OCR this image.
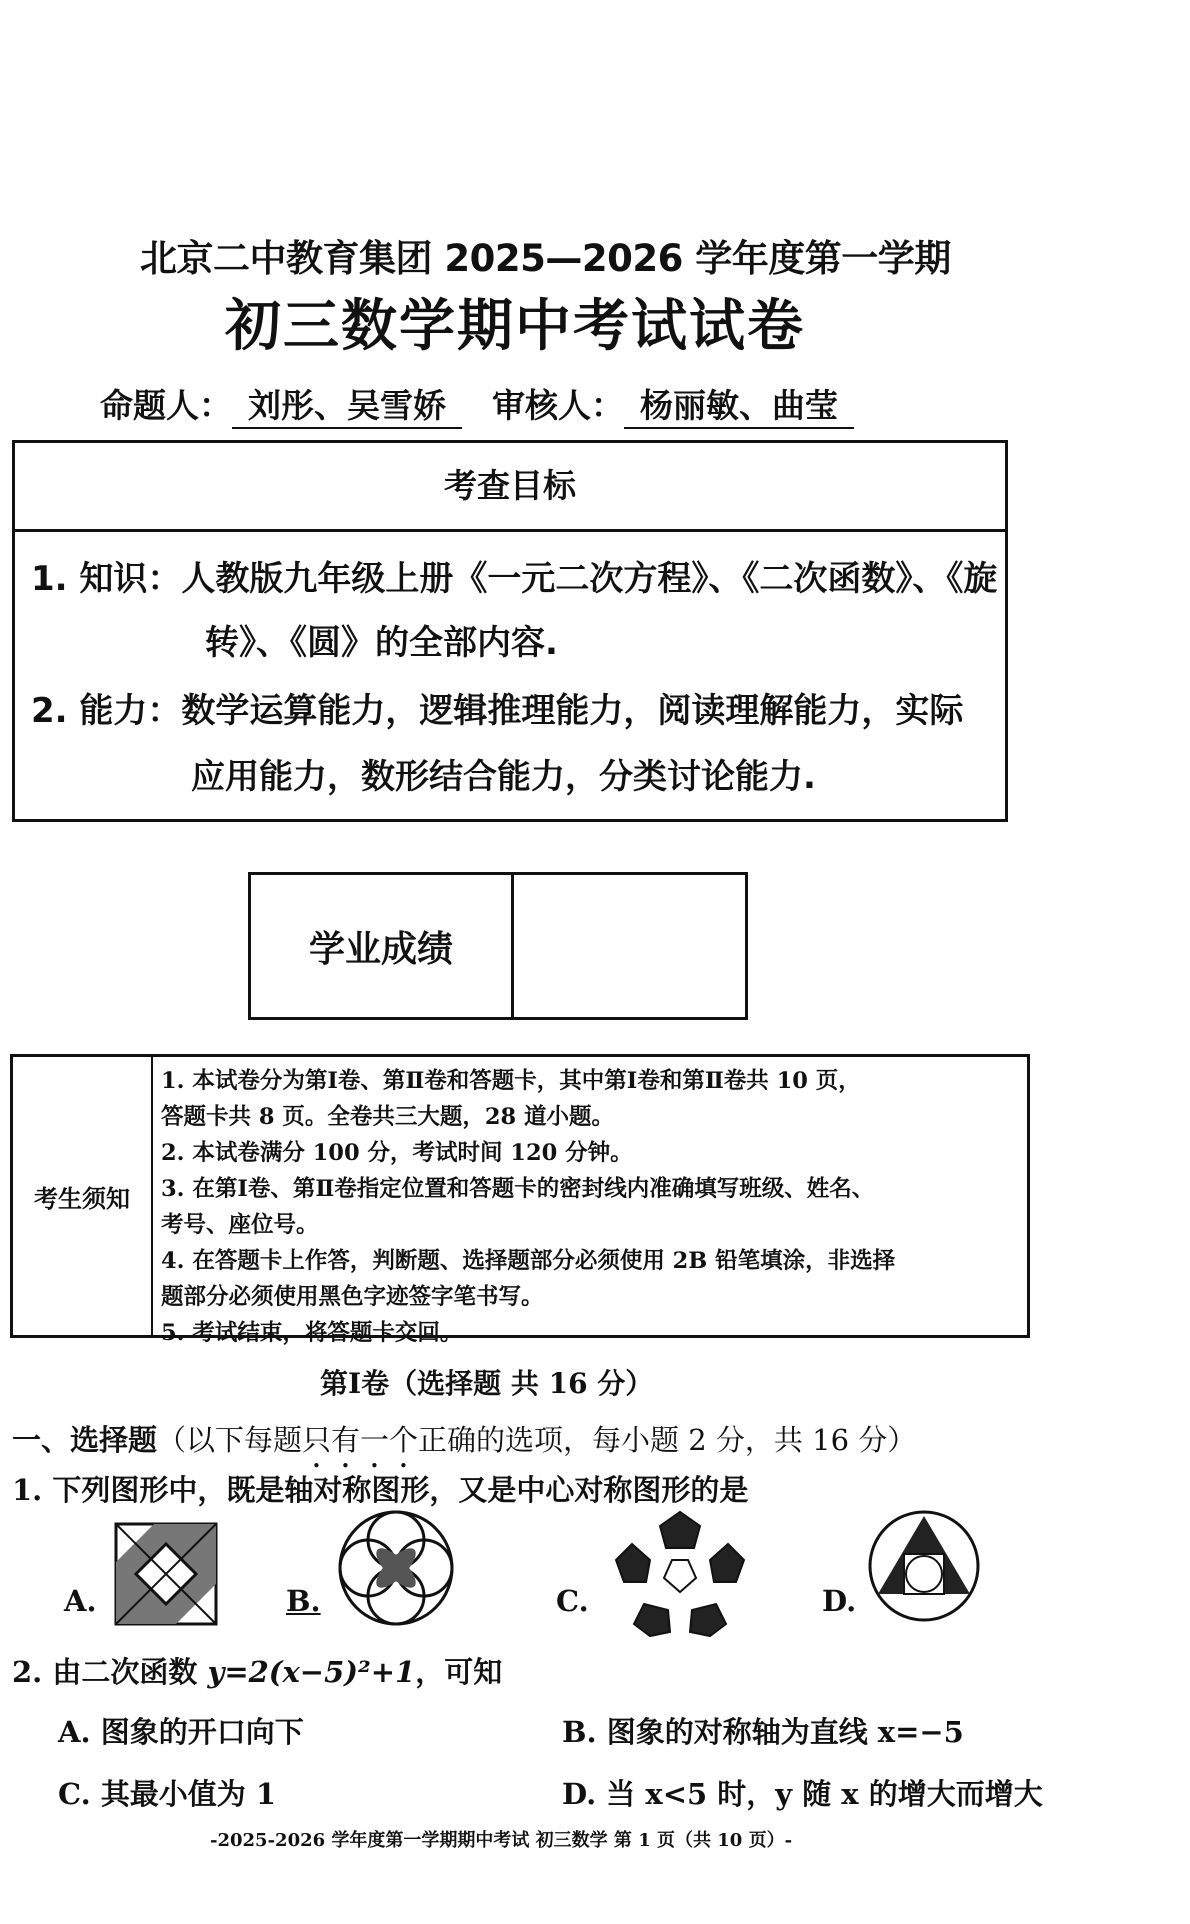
北京二中教育集团 2025—2026 学年度第一学期
初三数学期中考试试卷
命题人： 刘彤、吴雪娇 审核人： 杨丽敏、曲莹
考查目标
1. 知识：人教版九年级上册《一元二次方程》、《二次函数》、《旋
转》、《圆》的全部内容.
2. 能力：数学运算能力，逻辑推理能力，阅读理解能力，实际
应用能力，数形结合能力，分类讨论能力.
学业成绩
考生须知
1. 本试卷分为第Ⅰ卷、第Ⅱ卷和答题卡，其中第Ⅰ卷和第Ⅱ卷共 10 页，
答题卡共 8 页。全卷共三大题，28 道小题。
2. 本试卷满分 100 分，考试时间 120 分钟。
3. 在第Ⅰ卷、第Ⅱ卷指定位置和答题卡的密封线内准确填写班级、姓名、
考号、座位号。
4. 在答题卡上作答，判断题、选择题部分必须使用 2B 铅笔填涂，非选择
题部分必须使用黑色字迹签字笔书写。
5. 考试结束，将答题卡交回。
第Ⅰ卷（选择题 共 16 分）
一、选择题（以下每题只有一个正确的选项，每小题 2 分，共 16 分）
1. 下列图形中，既是轴对称图形，又是中心对称图形的是
A.	B.	C.	D.
2. 由二次函数 y=2(x−5)²+1，可知
A. 图象的开口向下	B. 图象的对称轴为直线 x=−5
C. 其最小值为 1	D. 当 x<5 时，y 随 x 的增大而增大
-2025-2026 学年度第一学期期中考试 初三数学 第 1 页（共 10 页）-
